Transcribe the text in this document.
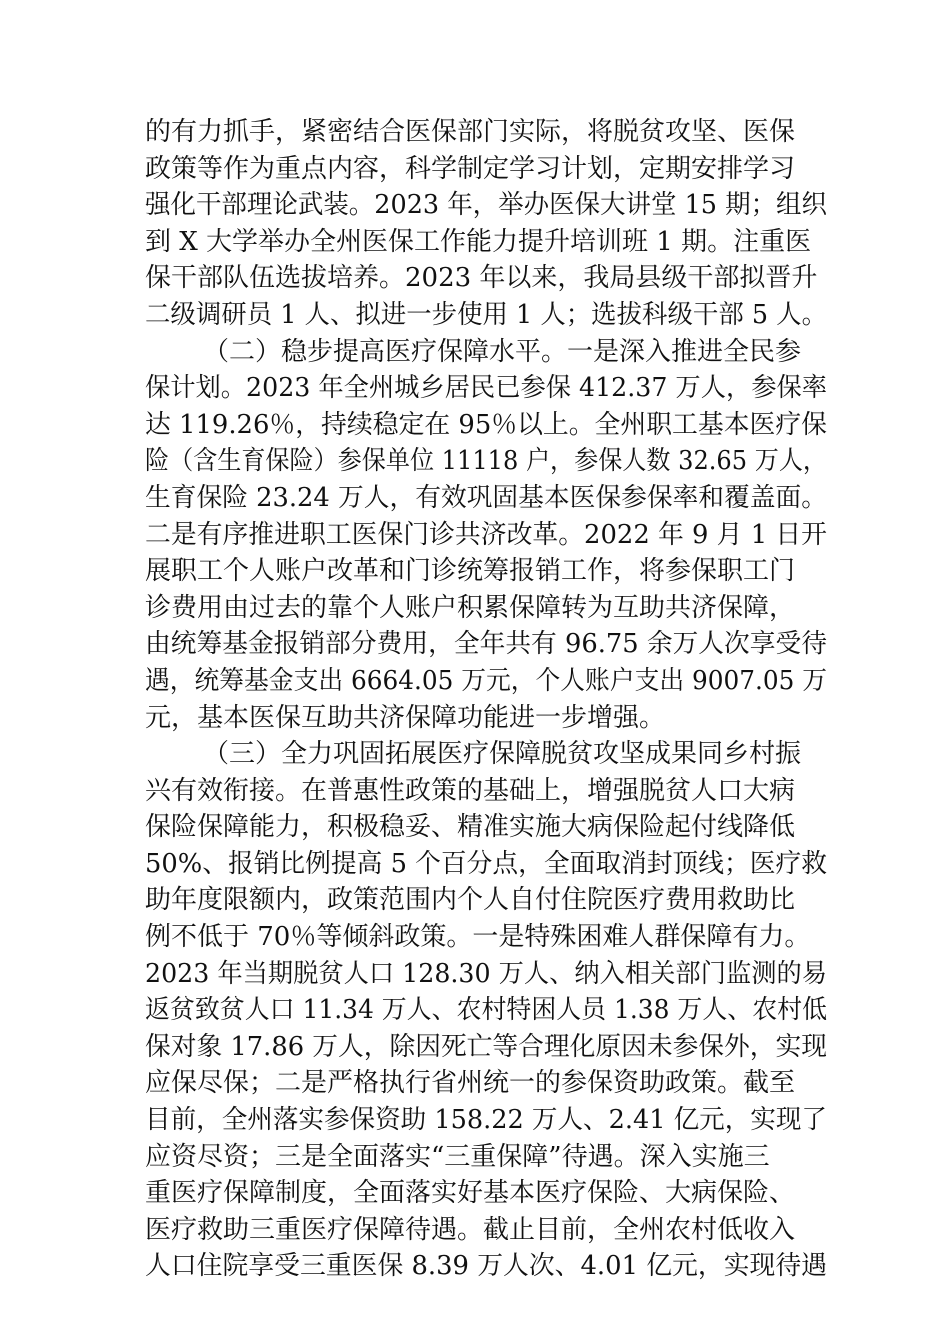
的有力抓手，紧密结合医保部门实际，将脱贫攻坚、医保
政策等作为重点内容，科学制定学习计划，定期安排学习
强化干部理论武装。2023 年，举办医保大讲堂 15 期；组织
到 X 大学举办全州医保工作能力提升培训班 1 期。注重医
保干部队伍选拔培养。2023 年以来，我局县级干部拟晋升
二级调研员 1 人、拟进一步使用 1 人；选拔科级干部 5 人。
（二）稳步提高医疗保障水平。一是深入推进全民参
保计划。2023 年全州城乡居民已参保 412.37 万人，参保率
达 119.26％，持续稳定在 95％以上。全州职工基本医疗保
险（含生育保险）参保单位 11118 户，参保人数 32.65 万人，
生育保险 23.24 万人，有效巩固基本医保参保率和覆盖面。
二是有序推进职工医保门诊共济改革。2022 年 9 月 1 日开
展职工个人账户改革和门诊统筹报销工作，将参保职工门
诊费用由过去的靠个人账户积累保障转为互助共济保障，
由统筹基金报销部分费用，全年共有 96.75 余万人次享受待
遇，统筹基金支出 6664.05 万元，个人账户支出 9007.05 万
元，基本医保互助共济保障功能进一步增强。
（三）全力巩固拓展医疗保障脱贫攻坚成果同乡村振
兴有效衔接。在普惠性政策的基础上，增强脱贫人口大病
保险保障能力，积极稳妥、精准实施大病保险起付线降低
50%、报销比例提高 5 个百分点，全面取消封顶线；医疗救
助年度限额内，政策范围内个人自付住院医疗费用救助比
例不低于 70％等倾斜政策。一是特殊困难人群保障有力。
2023 年当期脱贫人口 128.30 万人、纳入相关部门监测的易
返贫致贫人口 11.34 万人、农村特困人员 1.38 万人、农村低
保对象 17.86 万人，除因死亡等合理化原因未参保外，实现
应保尽保；二是严格执行省州统一的参保资助政策。截至
目前，全州落实参保资助 158.22 万人、2.41 亿元，实现了
应资尽资；三是全面落实“三重保障”待遇。深入实施三
重医疗保障制度，全面落实好基本医疗保险、大病保险、
医疗救助三重医疗保障待遇。截止目前，全州农村低收入
人口住院享受三重医保 8.39 万人次、4.01 亿元，实现待遇
